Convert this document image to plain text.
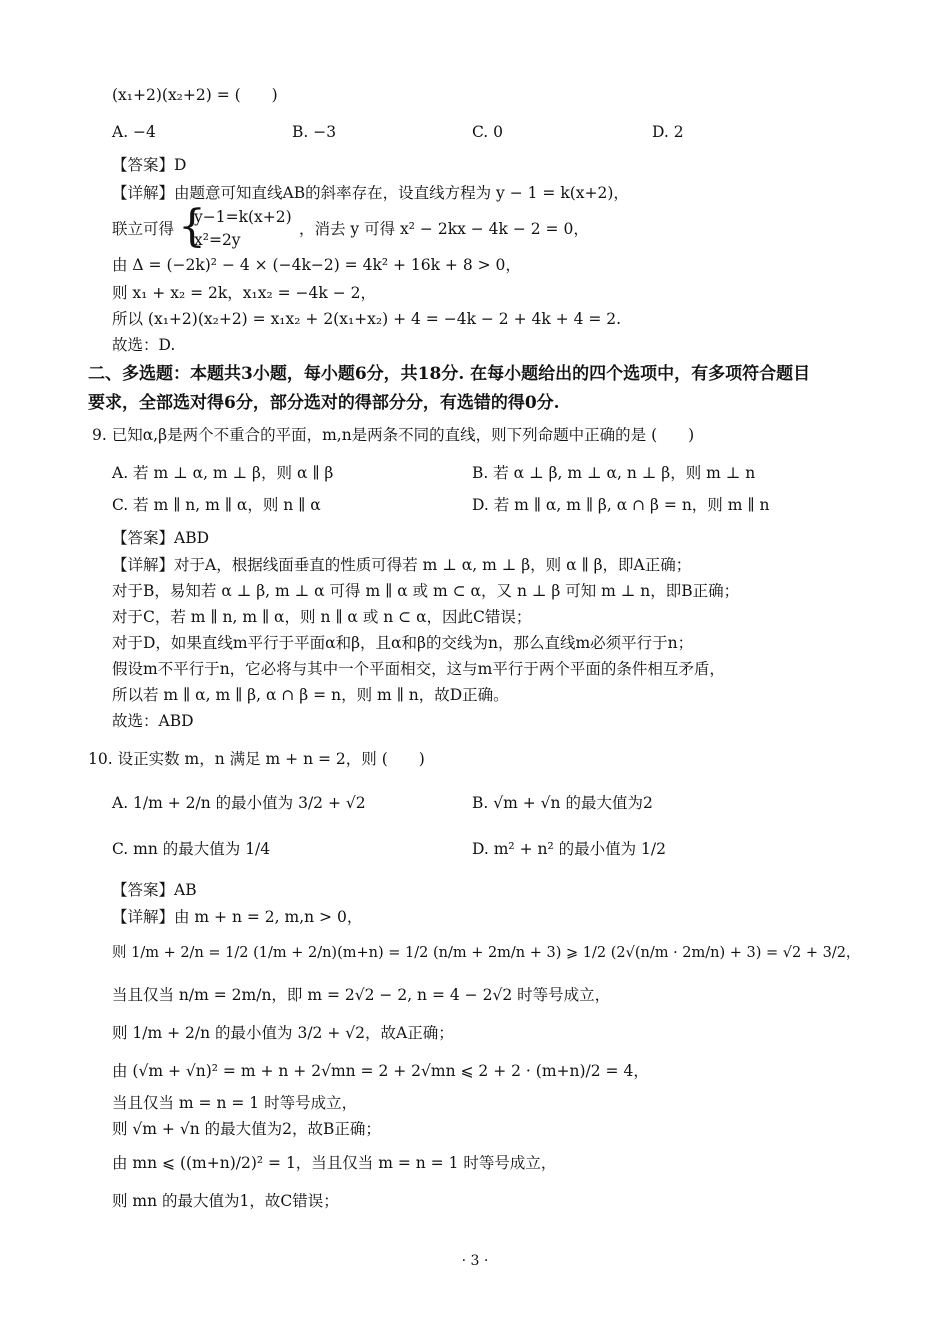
(x₁+2)(x₂+2) = (　　)
A. −4	B. −3	C. 0	D. 2
【答案】D
【详解】由题意可知直线AB的斜率存在，设直线方程为 y − 1 = k(x+2)，
联立可得 {
y−1=k(x+2)
x²=2y
，消去 y 可得 x² − 2kx − 4k − 2 = 0，
由 Δ = (−2k)² − 4 × (−4k−2) = 4k² + 16k + 8 > 0，
则 x₁ + x₂ = 2k，x₁x₂ = −4k − 2，
所以 (x₁+2)(x₂+2) = x₁x₂ + 2(x₁+x₂) + 4 = −4k − 2 + 4k + 4 = 2.
故选：D.
二、多选题：本题共3小题，每小题6分，共18分. 在每小题给出的四个选项中，有多项符合题目
要求，全部选对得6分，部分选对的得部分分，有选错的得0分.
9. 已知α,β是两个不重合的平面，m,n是两条不同的直线，则下列命题中正确的是 (　　)
A. 若 m ⊥ α, m ⊥ β，则 α ∥ β	B. 若 α ⊥ β, m ⊥ α, n ⊥ β，则 m ⊥ n
C. 若 m ∥ n, m ∥ α，则 n ∥ α	D. 若 m ∥ α, m ∥ β, α ∩ β = n，则 m ∥ n
【答案】ABD
【详解】对于A，根据线面垂直的性质可得若 m ⊥ α, m ⊥ β，则 α ∥ β，即A正确；
对于B，易知若 α ⊥ β, m ⊥ α 可得 m ∥ α 或 m ⊂ α，又 n ⊥ β 可知 m ⊥ n，即B正确；
对于C，若 m ∥ n, m ∥ α，则 n ∥ α 或 n ⊂ α，因此C错误；
对于D，如果直线m平行于平面α和β，且α和β的交线为n，那么直线m必须平行于n；
假设m不平行于n，它必将与其中一个平面相交，这与m平行于两个平面的条件相互矛盾，
所以若 m ∥ α, m ∥ β, α ∩ β = n，则 m ∥ n，故D正确。
故选：ABD
10. 设正实数 m，n 满足 m + n = 2，则 (　　)
A. 1/m + 2/n 的最小值为 3/2 + √2	B. √m + √n 的最大值为2
C. mn 的最大值为 1/4	D. m² + n² 的最小值为 1/2
【答案】AB
【详解】由 m + n = 2, m,n > 0，
则 1/m + 2/n = 1/2 (1/m + 2/n)(m+n) = 1/2 (n/m + 2m/n + 3) ⩾ 1/2 (2√(n/m · 2m/n) + 3) = √2 + 3/2，
当且仅当 n/m = 2m/n，即 m = 2√2 − 2, n = 4 − 2√2 时等号成立，
则 1/m + 2/n 的最小值为 3/2 + √2，故A正确；
由 (√m + √n)² = m + n + 2√mn = 2 + 2√mn ⩽ 2 + 2 · (m+n)/2 = 4，
当且仅当 m = n = 1 时等号成立，
则 √m + √n 的最大值为2，故B正确；
由 mn ⩽ ((m+n)/2)² = 1，当且仅当 m = n = 1 时等号成立，
则 mn 的最大值为1，故C错误；
· 3 ·
